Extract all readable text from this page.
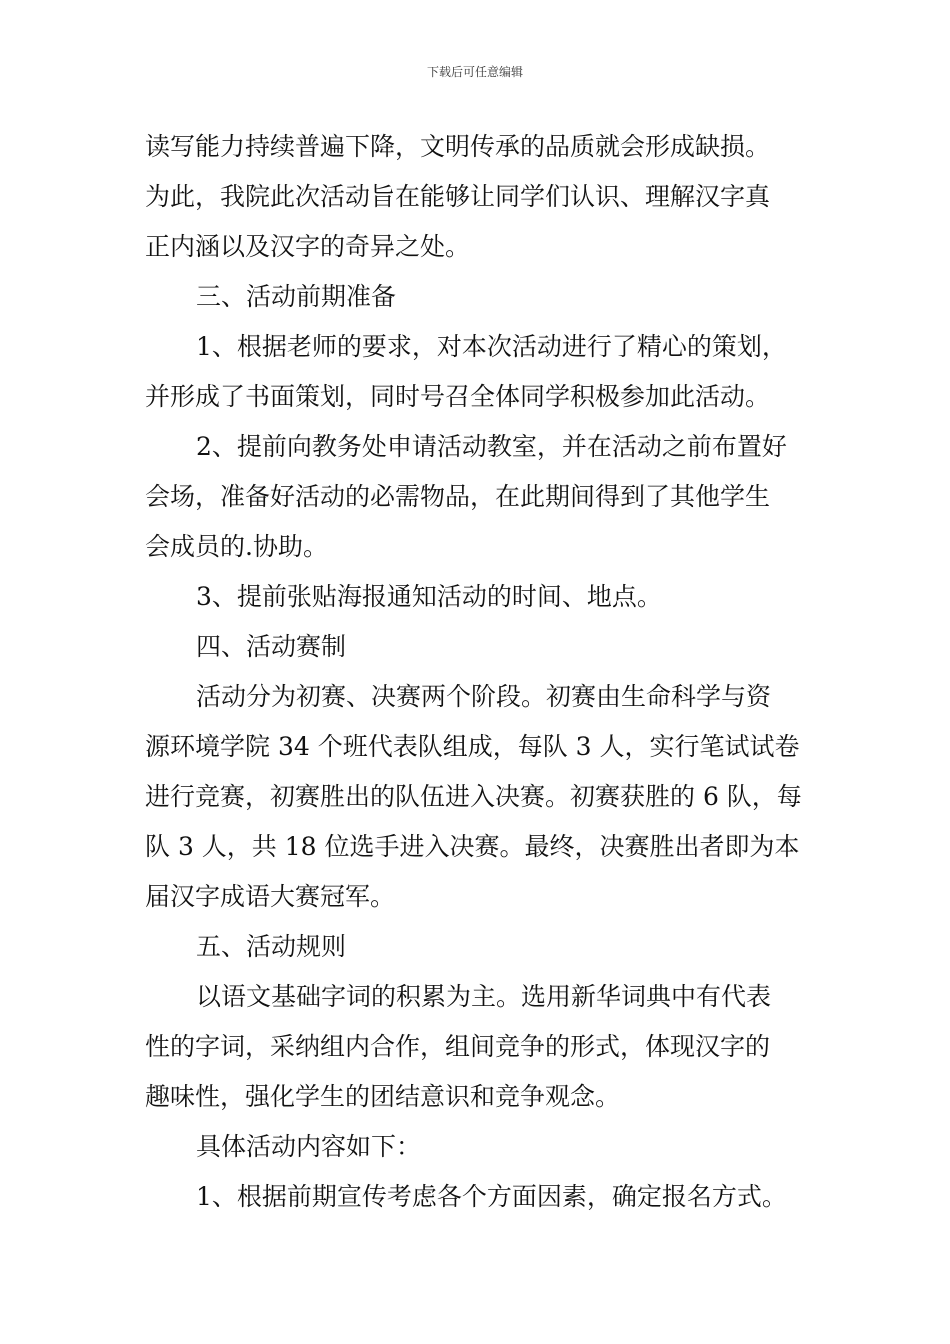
下载后可任意编辑
读写能力持续普遍下降，文明传承的品质就会形成缺损。
为此，我院此次活动旨在能够让同学们认识、理解汉字真
正内涵以及汉字的奇异之处。
三、活动前期准备
1、根据老师的要求，对本次活动进行了精心的策划，
并形成了书面策划，同时号召全体同学积极参加此活动。
2、提前向教务处申请活动教室，并在活动之前布置好
会场，准备好活动的必需物品，在此期间得到了其他学生
会成员的.协助。
3、提前张贴海报通知活动的时间、地点。
四、活动赛制
活动分为初赛、决赛两个阶段。初赛由生命科学与资
源环境学院 34 个班代表队组成，每队 3 人，实行笔试试卷
进行竞赛，初赛胜出的队伍进入决赛。初赛获胜的 6 队，每
队 3 人，共 18 位选手进入决赛。最终，决赛胜出者即为本
届汉字成语大赛冠军。
五、活动规则
以语文基础字词的积累为主。选用新华词典中有代表
性的字词，采纳组内合作，组间竞争的形式，体现汉字的
趣味性，强化学生的团结意识和竞争观念。
具体活动内容如下：
1、根据前期宣传考虑各个方面因素，确定报名方式。
